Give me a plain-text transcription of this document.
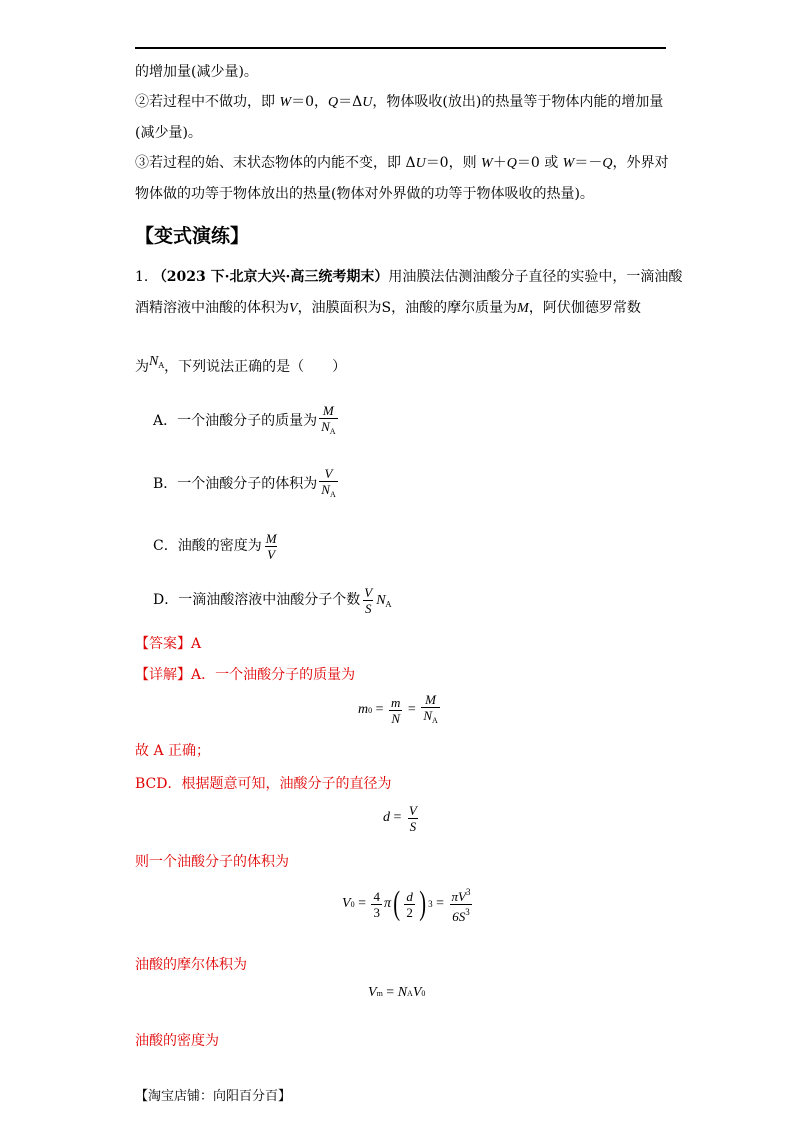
的增加量(减少量)。
②若过程中不做功，即 W＝0，Q＝ΔU，物体吸收(放出)的热量等于物体内能的增加量
(减少量)。
③若过程的始、末状态物体的内能不变，即 ΔU＝0，则 W＋Q＝0 或 W＝－Q，外界对
物体做的功等于物体放出的热量(物体对外界做的功等于物体吸收的热量)。
【变式演练】
1. （2023 下·北京大兴·高三统考期末）用油膜法估测油酸分子直径的实验中，一滴油酸
酒精溶液中油酸的体积为V，油膜面积为S，油酸的摩尔质量为M，阿伏伽德罗常数
为$N^A$，下列说法正确的是（　　）
A．一个油酸分子的质量为 $\frac{M}{N_A}$
B．一个油酸分子的体积为 $\frac{V}{N_A}$
C．油酸的密度为 $\frac{M}{V}$
D．一滴油酸溶液中油酸分子个数 $\frac{V}{S} N_A$
【答案】A
【详解】A．一个油酸分子的质量为
m $0 = \frac{m}{N} = \frac{M}{N_A}$
故 A 正确；
BCD．根据题意可知，油酸分子的直径为
$d = \frac{V}{S}$
则一个油酸分子的体积为
V $0 = \frac{4}{3}$ π ( $\frac{d}{2}$ ) $3 = \frac{\pi V^3}{6S^3}$
油酸的摩尔体积为
V m = N A V 0
油酸的密度为
【淘宝店铺：向阳百分百】
